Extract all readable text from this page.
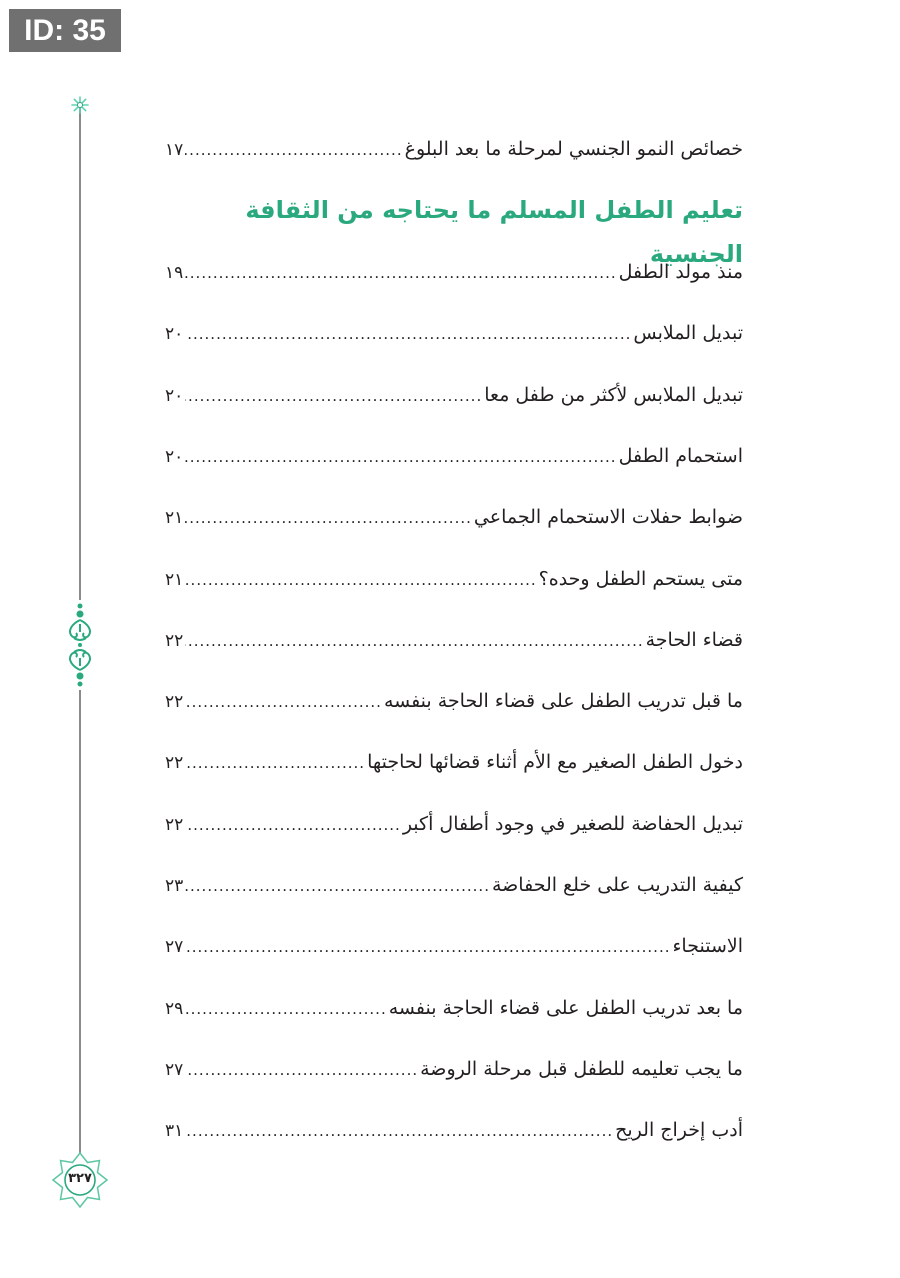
ID: 35
٣٢٧
خصائص النمو الجنسي لمرحلة ما بعد البلوغ
.....
١٧
تعليم الطفل المسلم ما يحتاجه من الثقافة الجنسية
منذ مولد الطفل
.....
١٩
تبديل الملابس
.....
٢٠
تبديل الملابس لأكثر من طفل معا
.....
٢٠
استحمام الطفل
.....
٢٠
ضوابط حفلات الاستحمام الجماعي
.....
٢١
متى يستحم الطفل وحده؟
.....
٢١
قضاء الحاجة
.....
٢٢
ما قبل تدريب الطفل على قضاء الحاجة بنفسه
.....
٢٢
دخول الطفل الصغير مع الأم أثناء قضائها لحاجتها
.....
٢٢
تبديل الحفاضة للصغير في وجود أطفال أكبر
.....
٢٢
كيفية التدريب على خلع الحفاضة
.....
٢٣
الاستنجاء
.....
٢٧
ما بعد تدريب الطفل على قضاء الحاجة بنفسه
.....
٢٩
ما يجب تعليمه للطفل قبل مرحلة الروضة
.....
٢٧
أدب إخراج الريح
.....
٣١
